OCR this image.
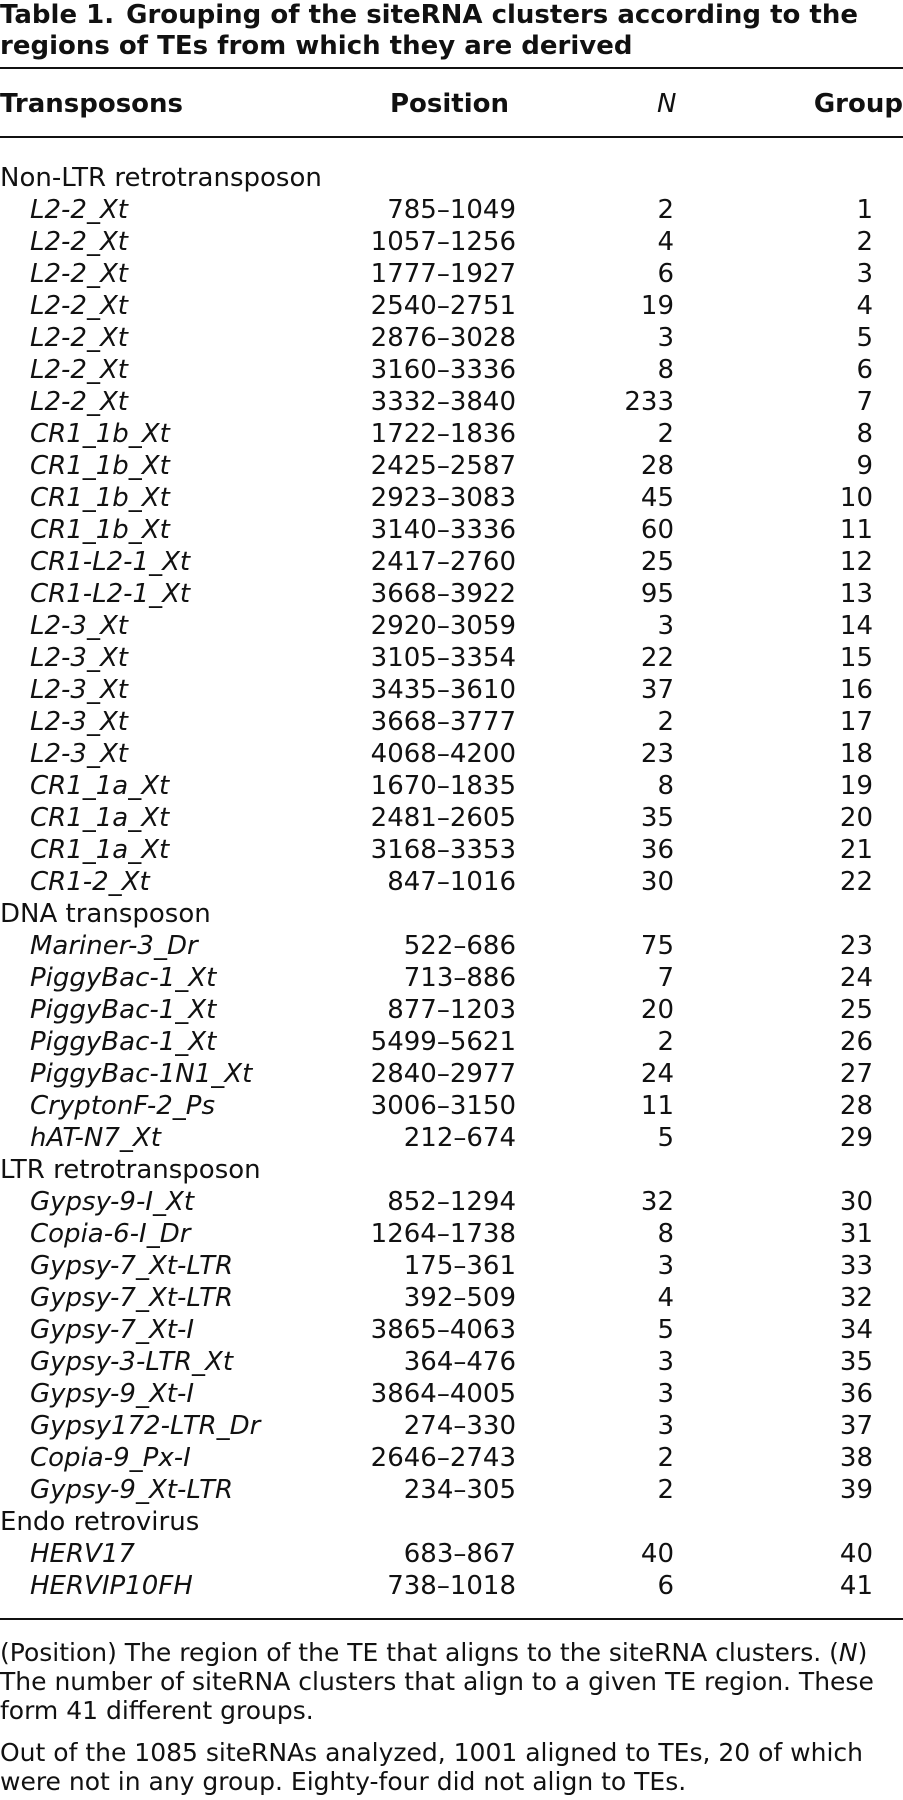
Table 1. Grouping of the siteRNA clusters according to the regions of TEs from which they are derived
Transposons	Position	N	Group
Non-LTR retrotransposon
L2-2_Xt	785–1049	2	1
L2-2_Xt	1057–1256	4	2
L2-2_Xt	1777–1927	6	3
L2-2_Xt	2540–2751	19	4
L2-2_Xt	2876–3028	3	5
L2-2_Xt	3160–3336	8	6
L2-2_Xt	3332–3840	233	7
CR1_1b_Xt	1722–1836	2	8
CR1_1b_Xt	2425–2587	28	9
CR1_1b_Xt	2923–3083	45	10
CR1_1b_Xt	3140–3336	60	11
CR1-L2-1_Xt	2417–2760	25	12
CR1-L2-1_Xt	3668–3922	95	13
L2-3_Xt	2920–3059	3	14
L2-3_Xt	3105–3354	22	15
L2-3_Xt	3435–3610	37	16
L2-3_Xt	3668–3777	2	17
L2-3_Xt	4068–4200	23	18
CR1_1a_Xt	1670–1835	8	19
CR1_1a_Xt	2481–2605	35	20
CR1_1a_Xt	3168–3353	36	21
CR1-2_Xt	847–1016	30	22
DNA transposon
Mariner-3_Dr	522–686	75	23
PiggyBac-1_Xt	713–886	7	24
PiggyBac-1_Xt	877–1203	20	25
PiggyBac-1_Xt	5499–5621	2	26
PiggyBac-1N1_Xt	2840–2977	24	27
CryptonF-2_Ps	3006–3150	11	28
hAT-N7_Xt	212–674	5	29
LTR retrotransposon
Gypsy-9-I_Xt	852–1294	32	30
Copia-6-I_Dr	1264–1738	8	31
Gypsy-7_Xt-LTR	175–361	3	33
Gypsy-7_Xt-LTR	392–509	4	32
Gypsy-7_Xt-I	3865–4063	5	34
Gypsy-3-LTR_Xt	364–476	3	35
Gypsy-9_Xt-I	3864–4005	3	36
Gypsy172-LTR_Dr	274–330	3	37
Copia-9_Px-I	2646–2743	2	38
Gypsy-9_Xt-LTR	234–305	2	39
Endo retrovirus
HERV17	683–867	40	40
HERVIP10FH	738–1018	6	41
(Position) The region of the TE that aligns to the siteRNA clusters. (N) The number of siteRNA clusters that align to a given TE region. These form 41 different groups.
Out of the 1085 siteRNAs analyzed, 1001 aligned to TEs, 20 of which were not in any group. Eighty-four did not align to TEs.
